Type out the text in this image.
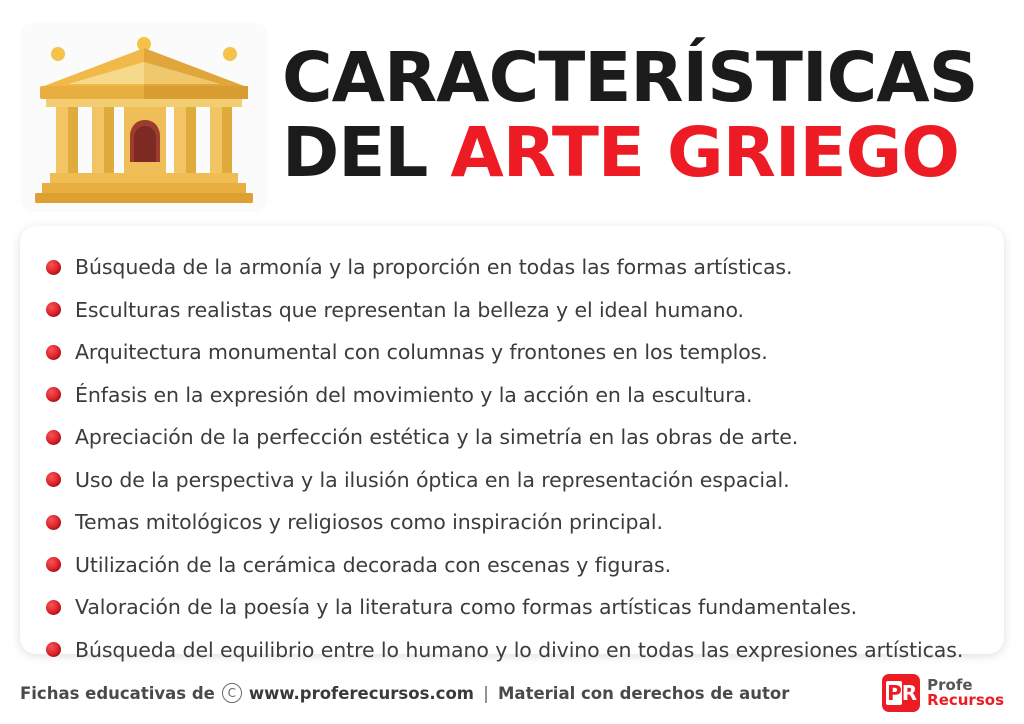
CARACTERÍSTICAS
DEL ARTE GRIEGO
Búsqueda de la armonía y la proporción en todas las formas artísticas.
Esculturas realistas que representan la belleza y el ideal humano.
Arquitectura monumental con columnas y frontones en los templos.
Énfasis en la expresión del movimiento y la acción en la escultura.
Apreciación de la perfección estética y la simetría en las obras de arte.
Uso de la perspectiva y la ilusión óptica en la representación espacial.
Temas mitológicos y religiosos como inspiración principal.
Utilización de la cerámica decorada con escenas y figuras.
Valoración de la poesía y la literatura como formas artísticas fundamentales.
Búsqueda del equilibrio entre lo humano y lo divino en todas las expresiones artísticas.
Fichas educativas de	C www.proferecursos.com | Material con derechos de autor	PR Profe
Recursos
